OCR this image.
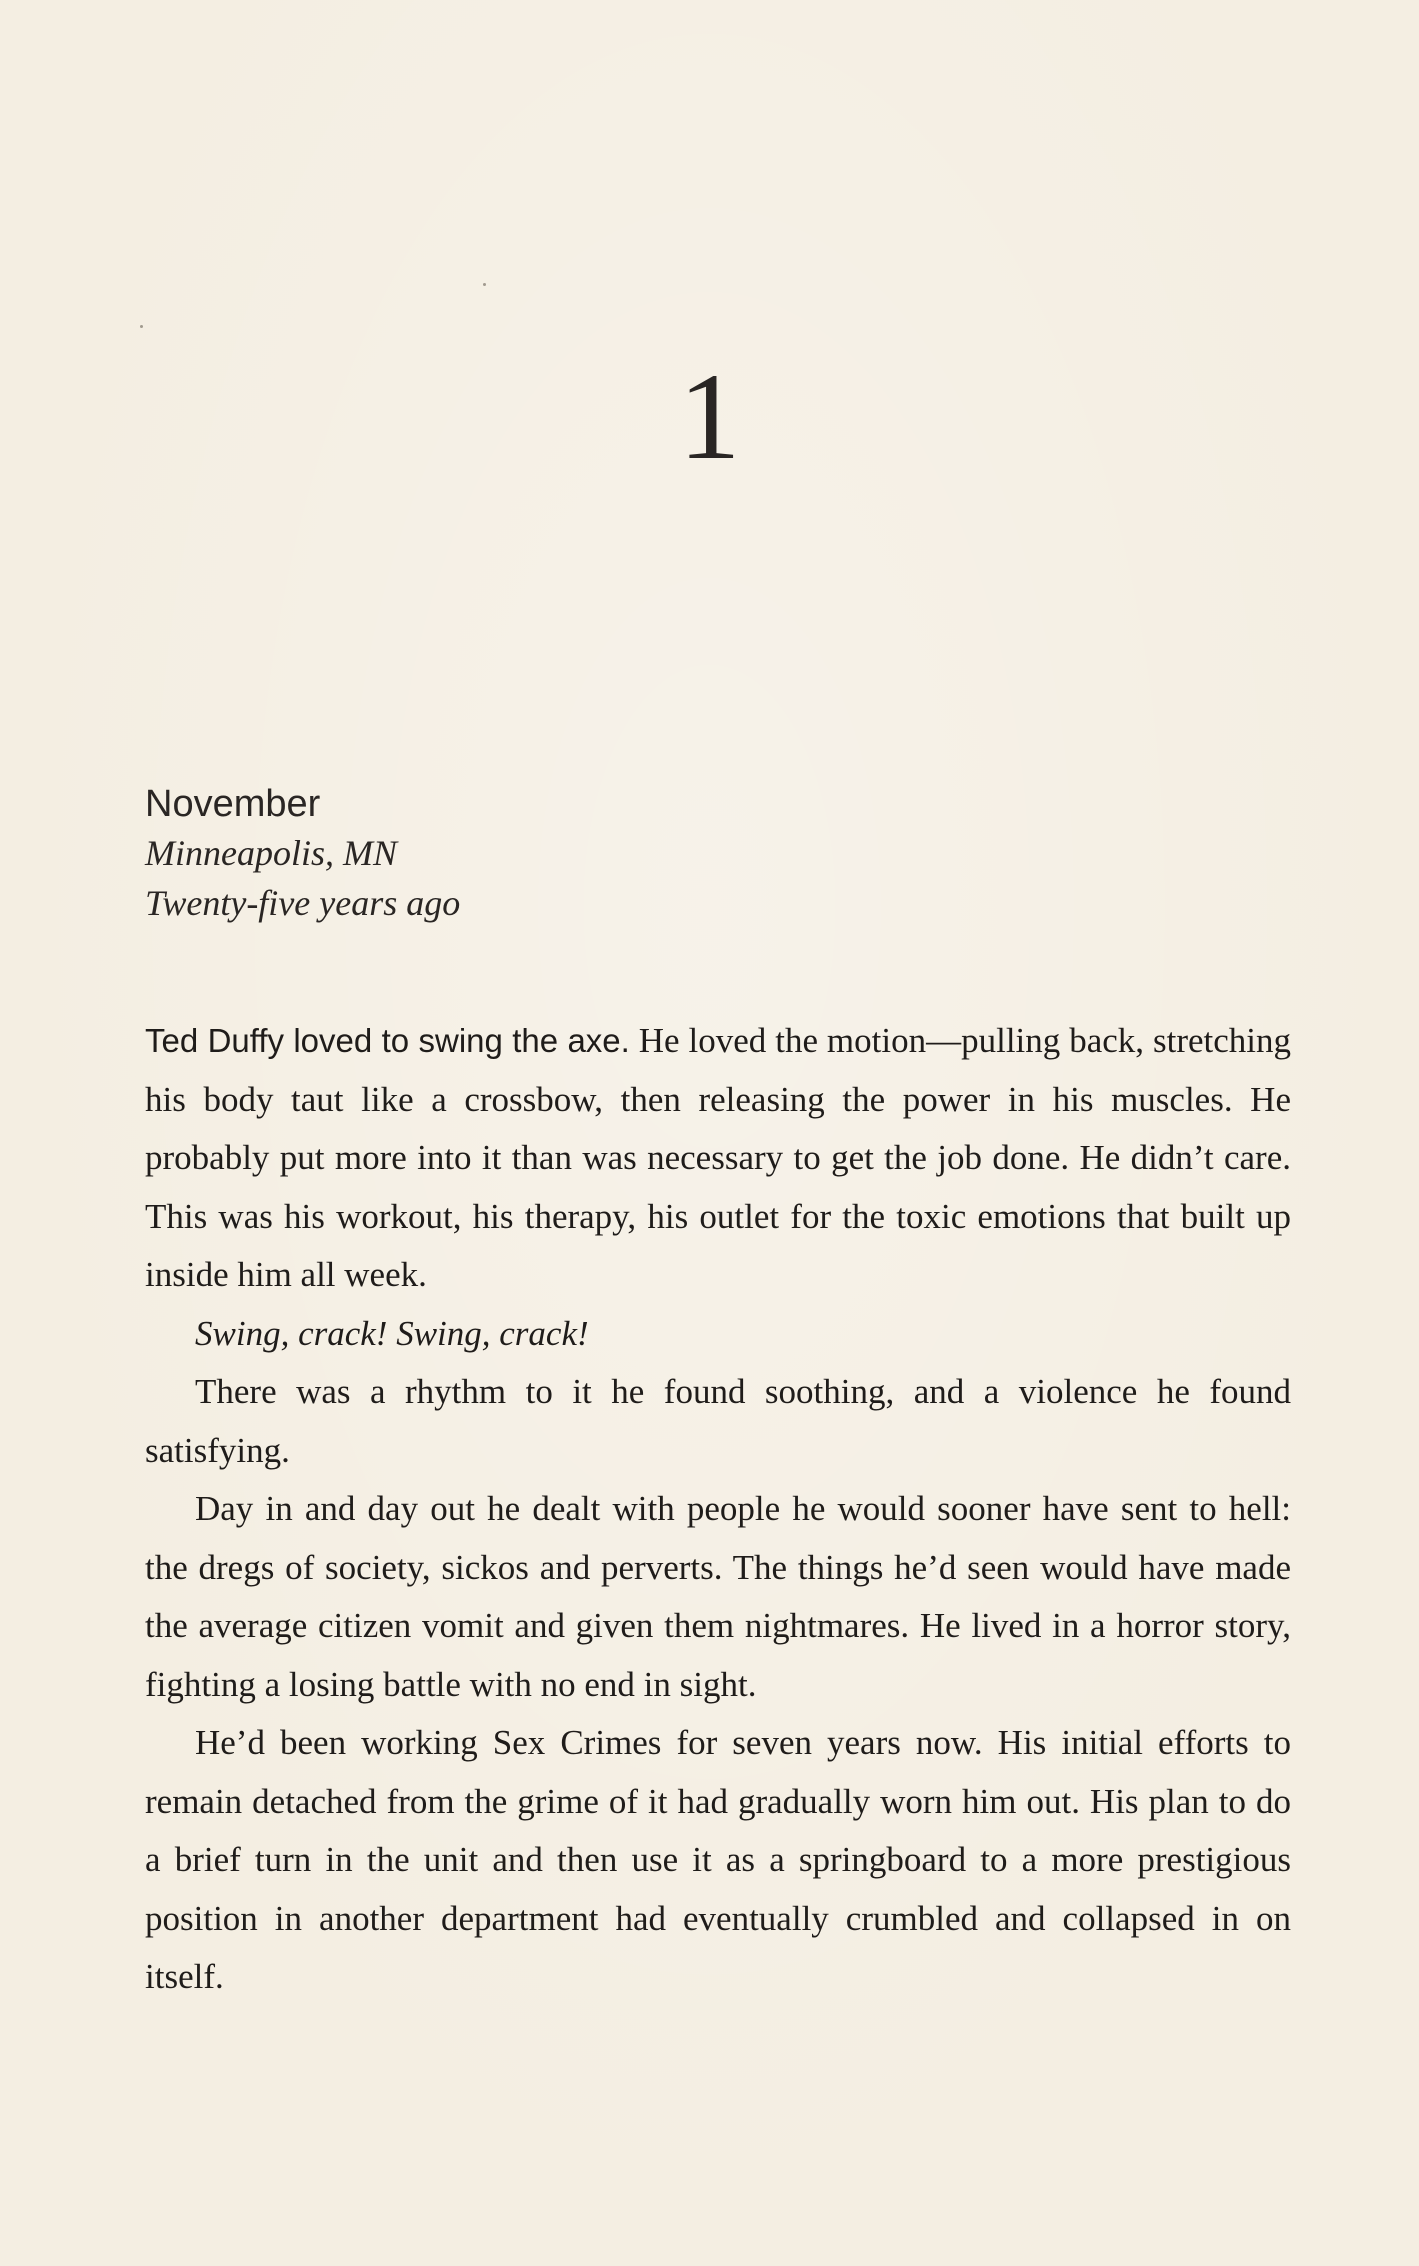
1

November

Minneapolis, MN

Twenty-five years ago

Ted Duffy loved to swing the axe. He loved the motion—pulling back, stretching his body taut like a crossbow, then releasing the power in his muscles. He probably put more into it than was necessary to get the job done. He didn’t care. This was his workout, his therapy, his outlet for the toxic emotions that built up inside him all week.

Swing, crack! Swing, crack!

There was a rhythm to it he found soothing, and a violence he found satisfying.

Day in and day out he dealt with people he would sooner have sent to hell: the dregs of society, sickos and perverts. The things he’d seen would have made the average citizen vomit and given them nightmares. He lived in a horror story, fighting a losing battle with no end in sight.

He’d been working Sex Crimes for seven years now. His initial efforts to remain detached from the grime of it had gradually worn him out. His plan to do a brief turn in the unit and then use it as a springboard to a more prestigious position in another department had eventually crumbled and collapsed in on itself.
